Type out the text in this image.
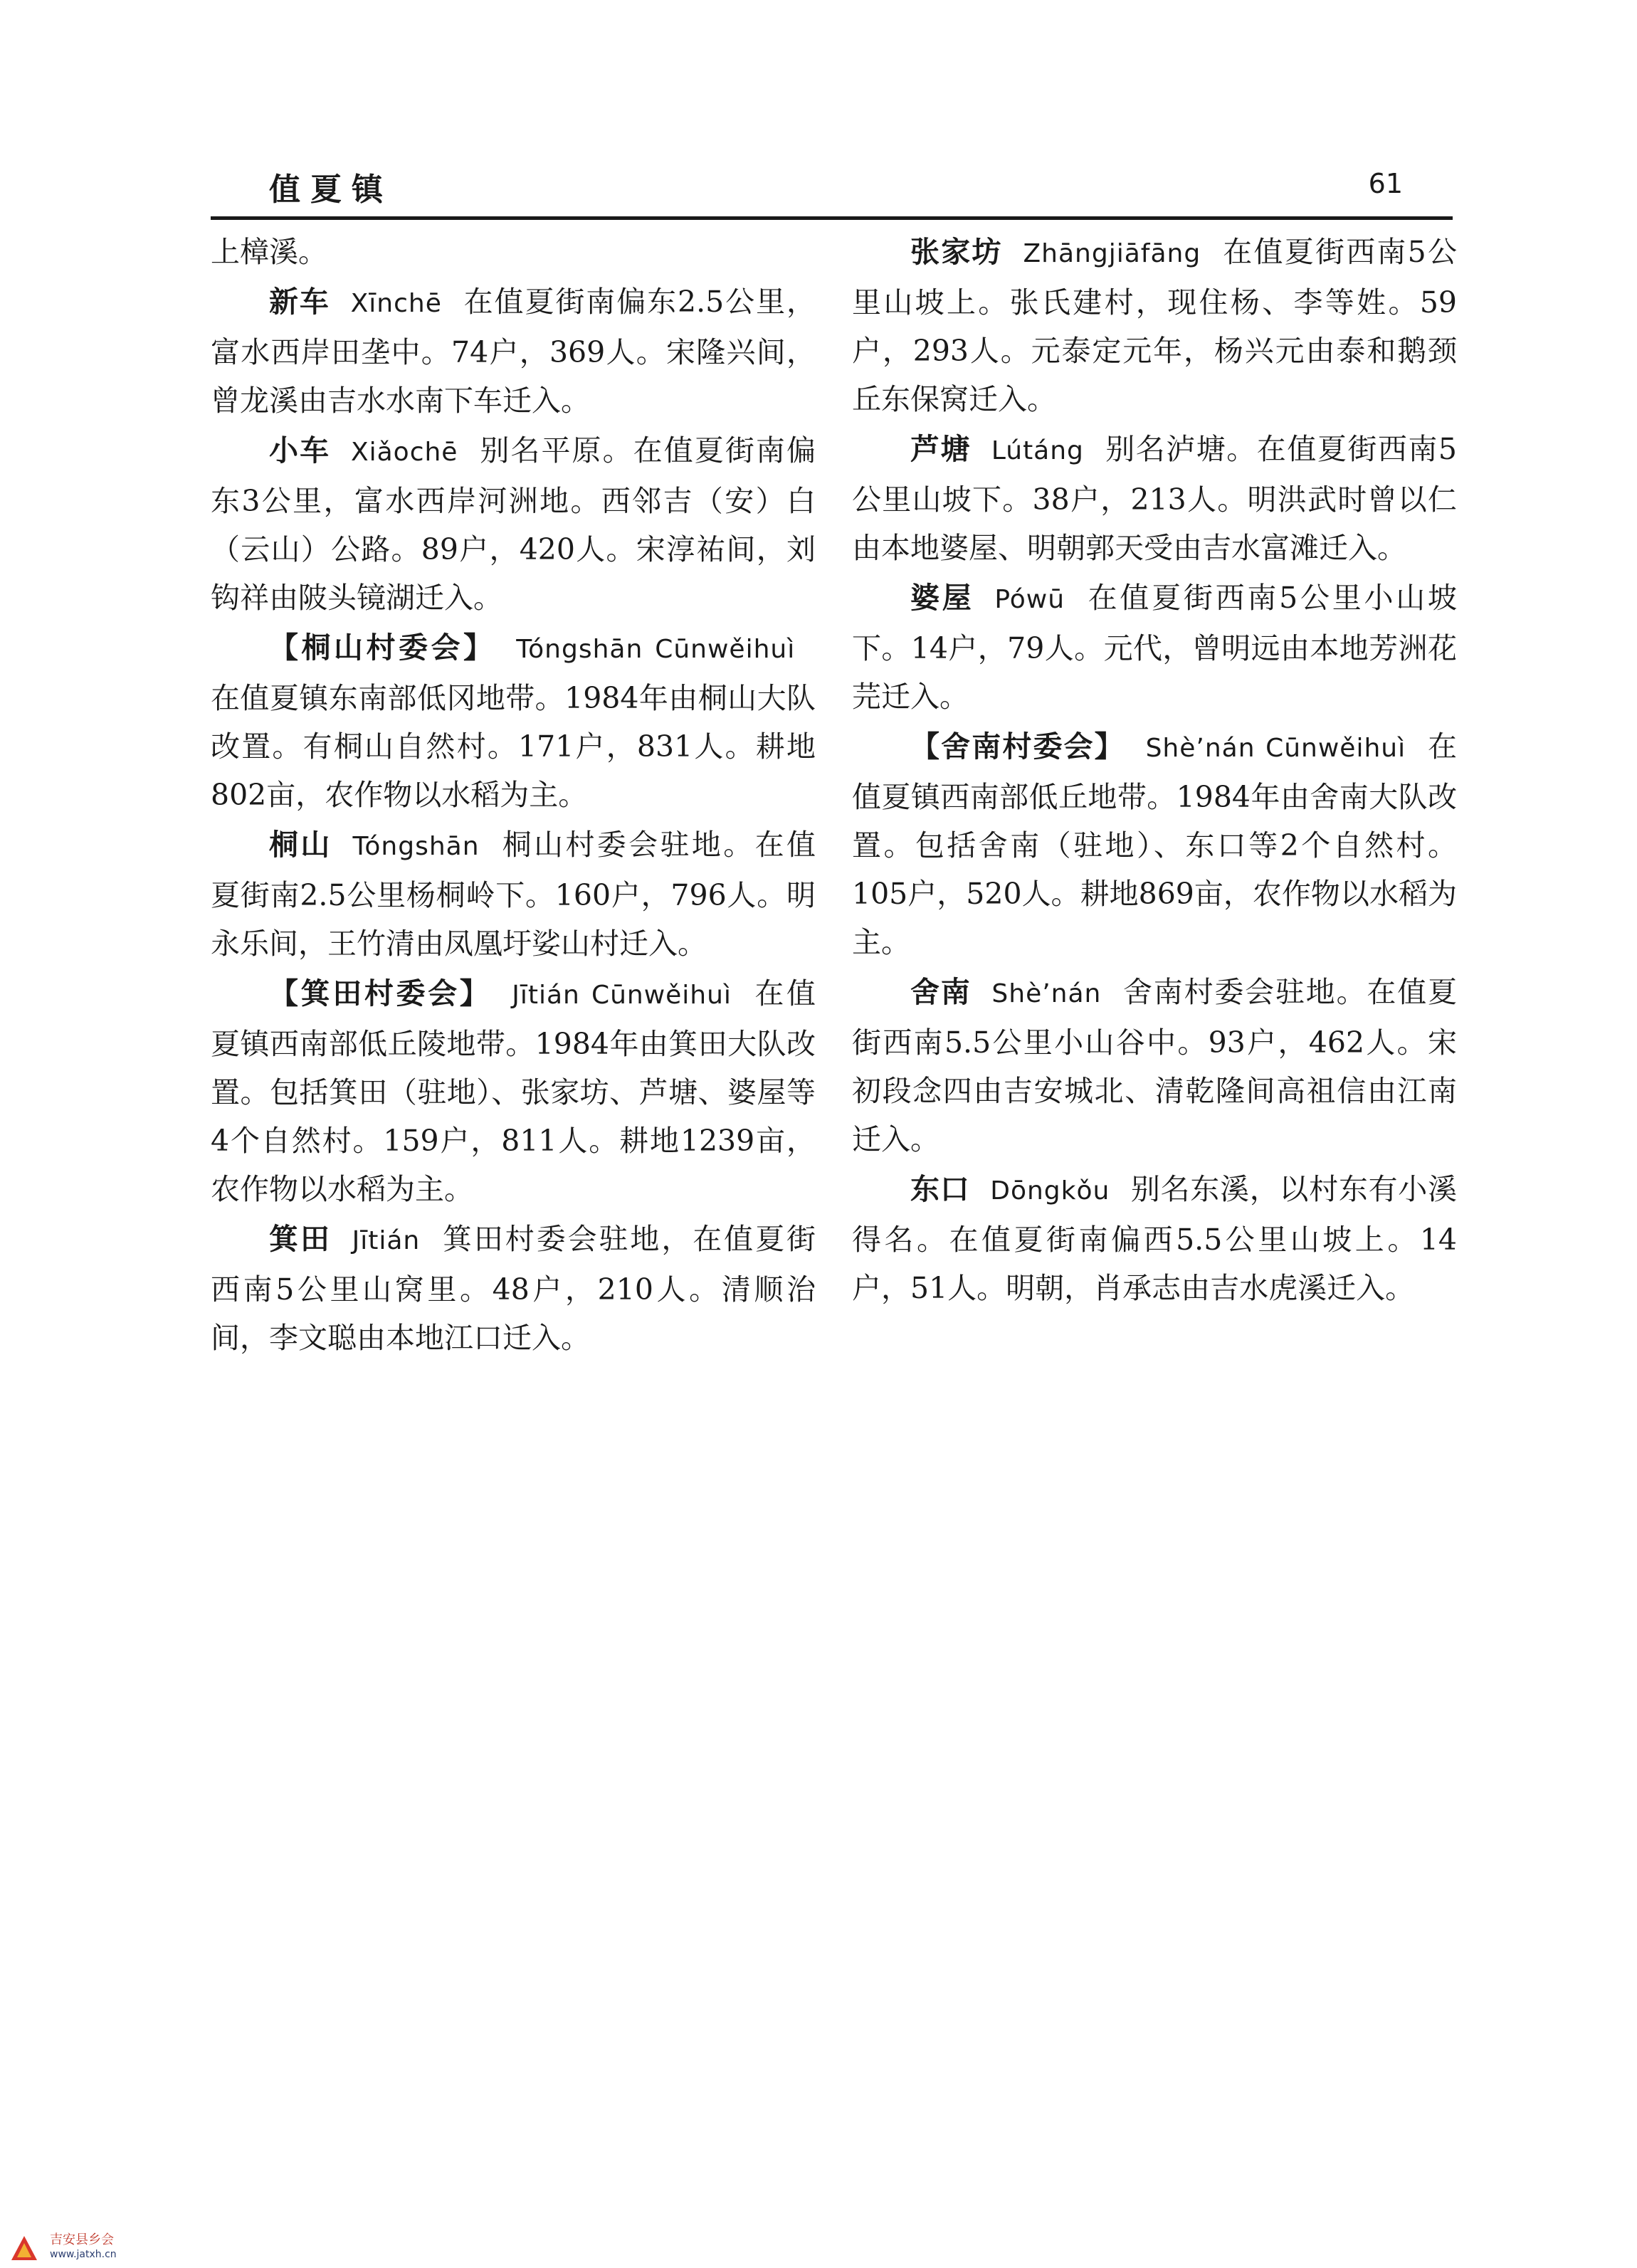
值夏镇	61

上樟溪。

新车 Xīnchē 在值夏街南偏东2.5公里，富水西岸田垄中。74户，369人。宋隆兴间，曾龙溪由吉水水南下车迁入。

小车 Xiǎochē 别名平原。在值夏街南偏东3公里，富水西岸河洲地。西邻吉（安）白（云山）公路。89户，420人。宋淳祐间，刘钩祥由陂头镜湖迁入。

【桐山村委会】 Tóngshān Cūnwěihuì在值夏镇东南部低冈地带。1984年由桐山大队改置。有桐山自然村。171户，831人。耕地802亩，农作物以水稻为主。

桐山 Tóngshān 桐山村委会驻地。在值夏街南2.5公里杨桐岭下。160户，796人。明永乐间，王竹清由凤凰圩娑山村迁入。

【箕田村委会】 Jītián Cūnwěihuì 在值夏镇西南部低丘陵地带。1984年由箕田大队改置。包括箕田（驻地）、张家坊、芦塘、婆屋等4个自然村。159户，811人。耕地1239亩，农作物以水稻为主。

箕田 Jītián 箕田村委会驻地，在值夏街西南5公里山窝里。48户，210人。清顺治间，李文聪由本地江口迁入。

张家坊 Zhāngjiāfāng 在值夏街西南5公里山坡上。张氏建村，现住杨、李等姓。59户，293人。元泰定元年，杨兴元由泰和鹅颈丘东保窝迁入。

芦塘 Lútáng 别名泸塘。在值夏街西南5公里山坡下。38户，213人。明洪武时曾以仁由本地婆屋、明朝郭天受由吉水富滩迁入。

婆屋 Pówū 在值夏街西南5公里小山坡下。14户，79人。元代，曾明远由本地芳洲花芫迁入。

【舍南村委会】 Shè’nán Cūnwěihuì 在值夏镇西南部低丘地带。1984年由舍南大队改置。包括舍南（驻地）、东口等2个自然村。105户，520人。耕地869亩，农作物以水稻为主。

舍南 Shè’nán 舍南村委会驻地。在值夏街西南5.5公里小山谷中。93户，462人。宋初段念四由吉安城北、清乾隆间高祖信由江南迁入。

东口 Dōngkǒu 别名东溪，以村东有小溪得名。在值夏街南偏西5.5公里山坡上。14户，51人。明朝，肖承志由吉水虎溪迁入。

吉安县乡会
www.jatxh.cn
